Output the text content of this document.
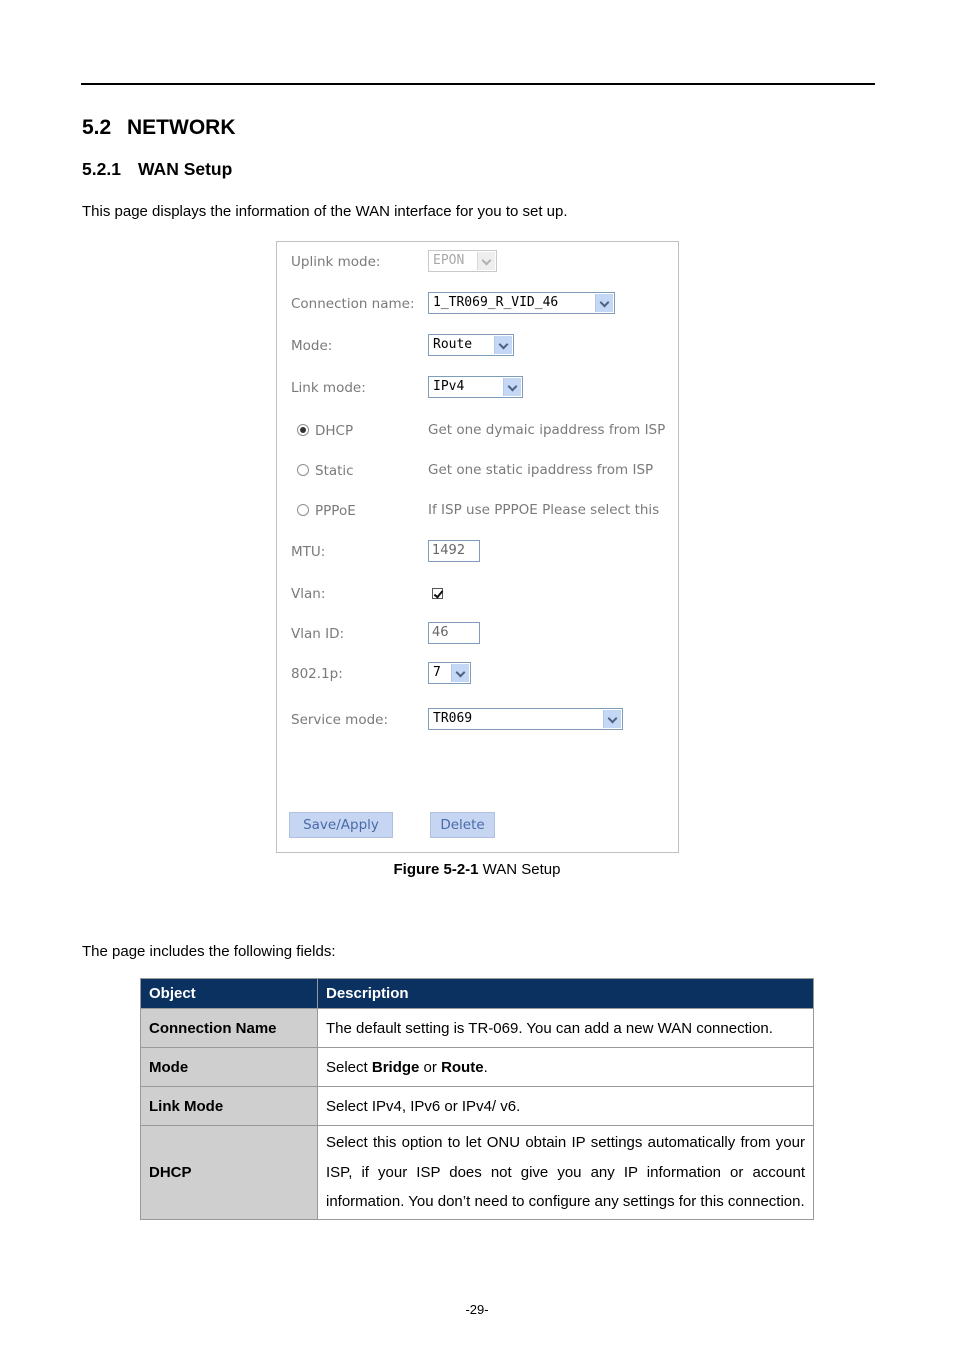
5.2 NETWORK
5.2.1 WAN Setup
This page displays the information of the WAN interface for you to set up.
Uplink mode:	EPON
Connection name: 1_TR069_R_VID_46
Mode:	Route
Link mode:	IPv4
DHCP	Get one dymaic ipaddress from ISP
Static	Get one static ipaddress from ISP
PPPoE	If ISP use PPPOE Please select this
MTU:	1492
Vlan:
Vlan ID:	46
802.1p:	7
Service mode:	TR069
Save/Apply	Delete
Figure 5-2-1 WAN Setup
The page includes the following fields:
Object	Description
Connection Name	The default setting is TR-069. You can add a new WAN connection.
Mode	Select Bridge or Route.
Link Mode	Select IPv4, IPv6 or IPv4/ v6.
DHCP	Select this option to let ONU obtain IP settings automatically from your ISP, if your ISP does not give you any IP information or account information. You don’t need to configure any settings for this connection.
-29-
